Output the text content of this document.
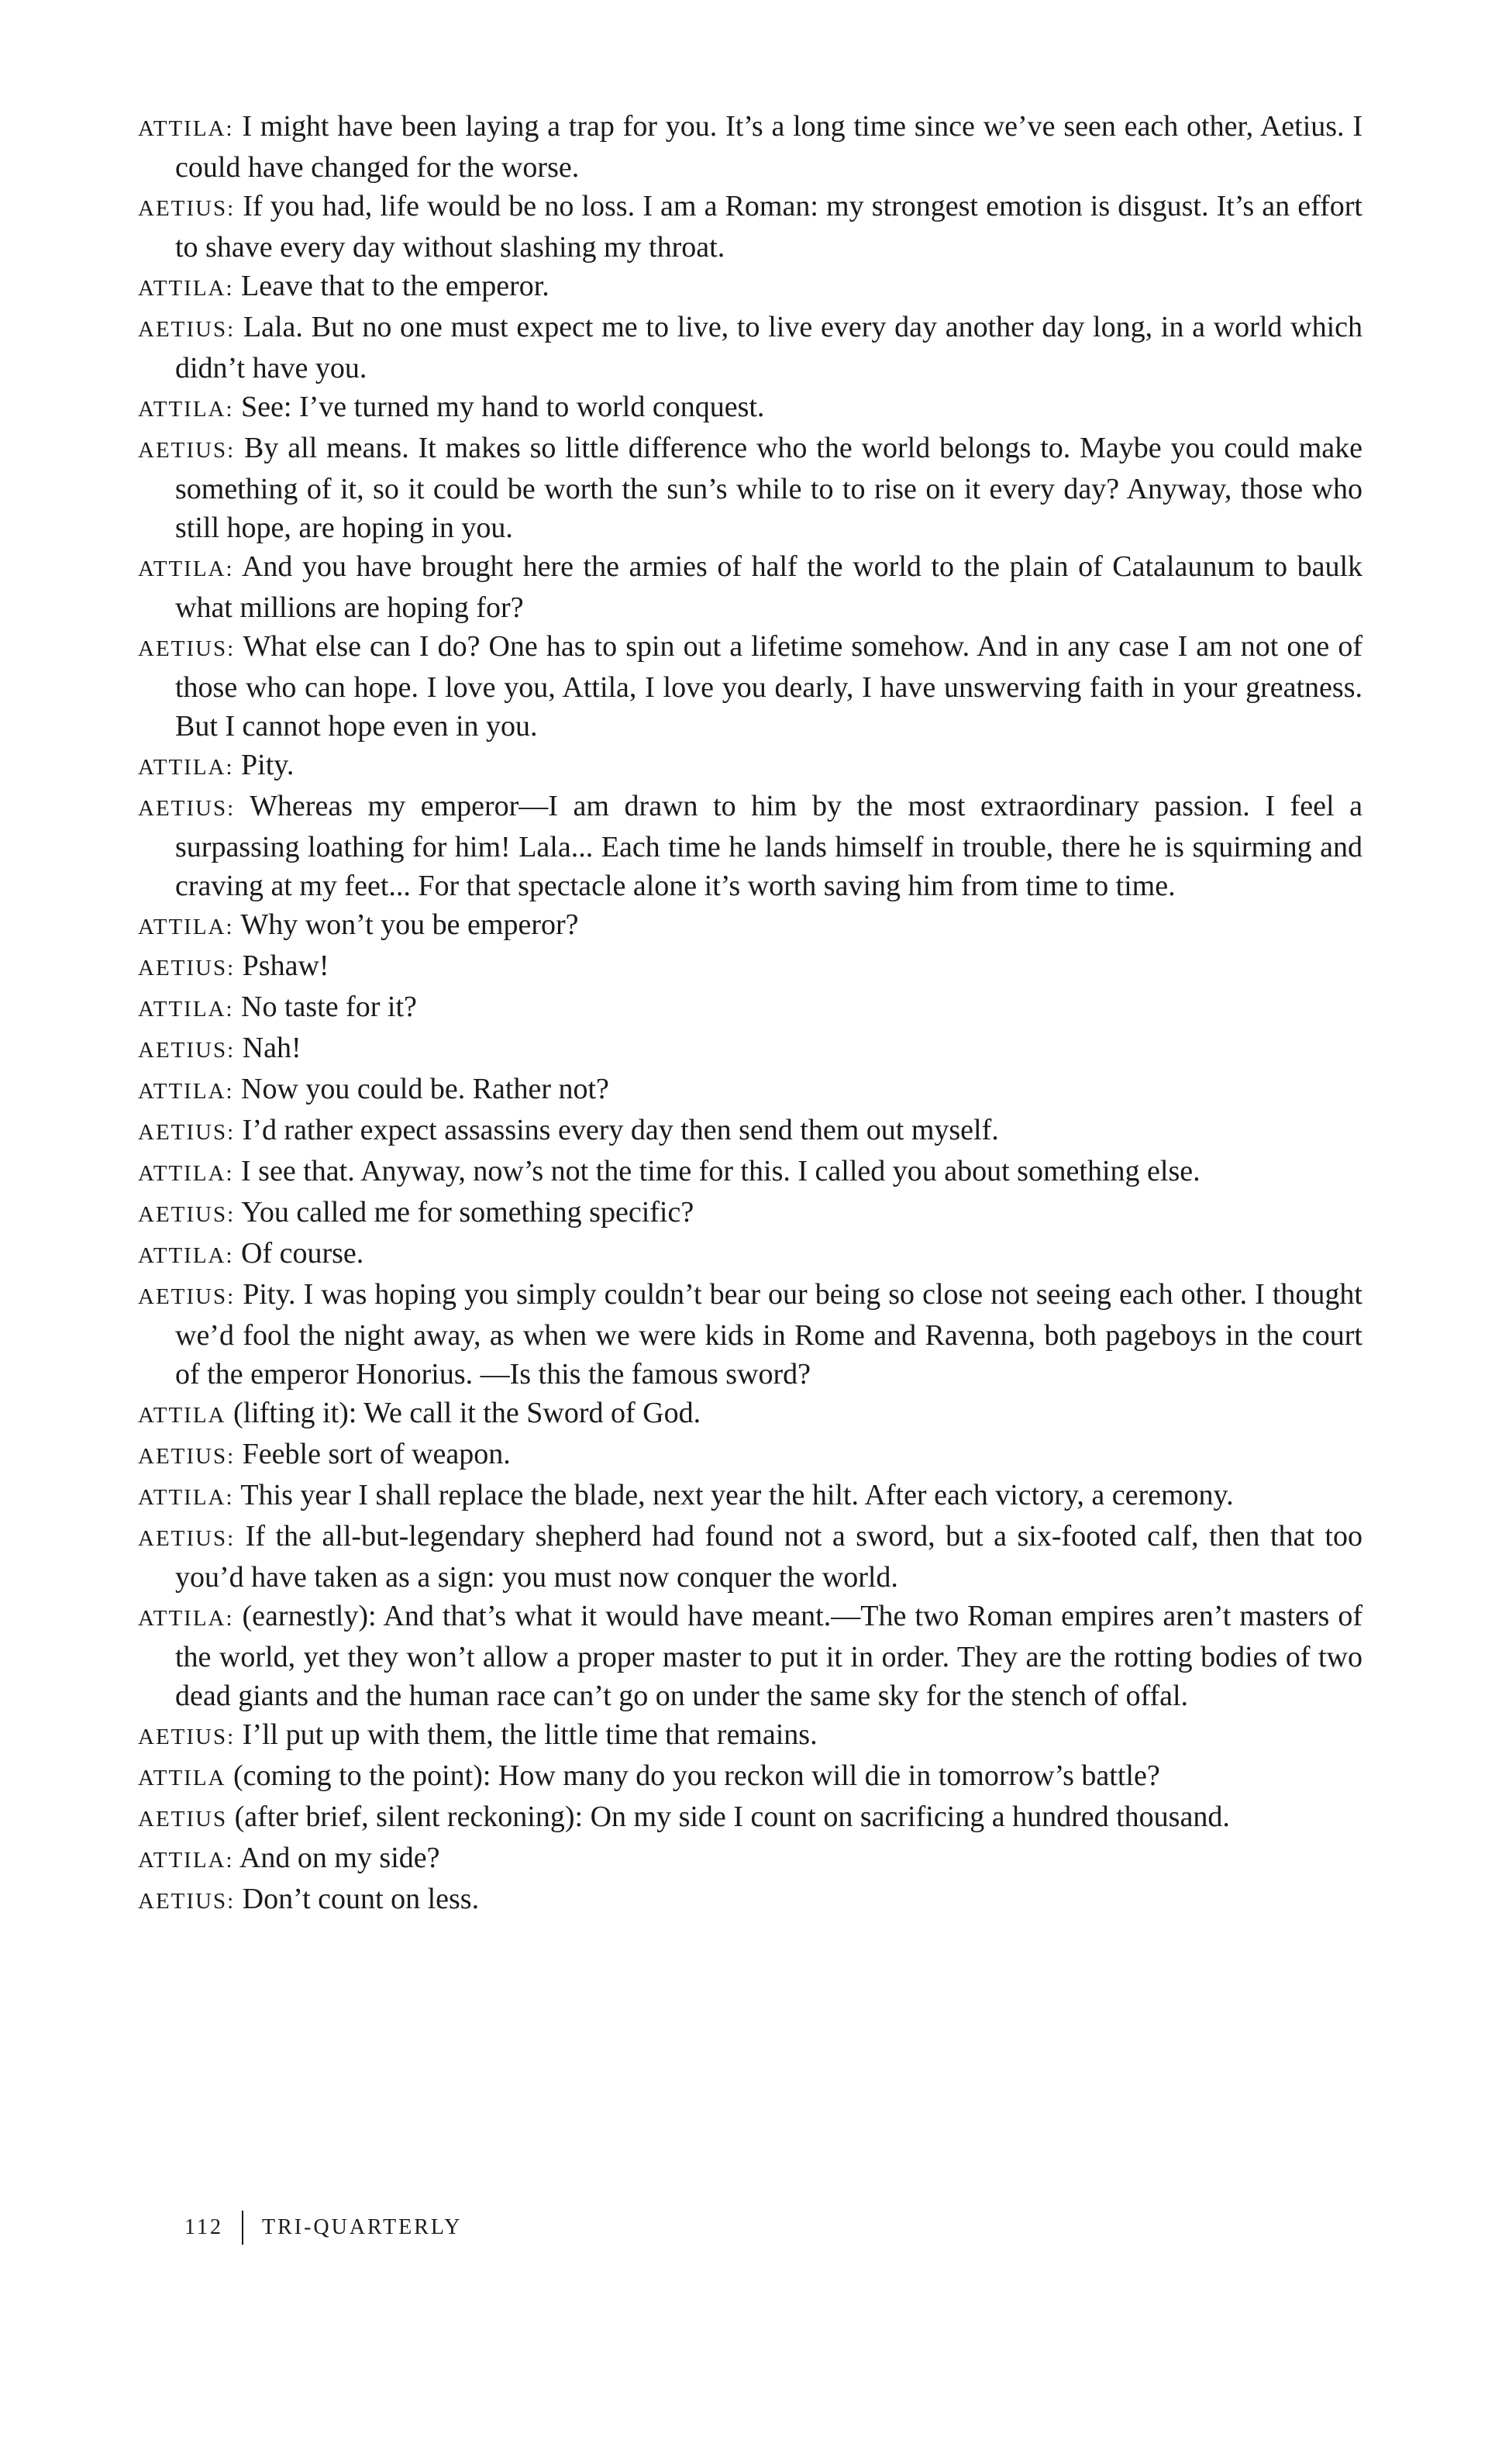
ATTILA: I might have been laying a trap for you. It’s a long time since we’ve seen each other, Aetius. I could have changed for the worse.

AETIUS: If you had, life would be no loss. I am a Roman: my strongest emotion is disgust. It’s an effort to shave every day without slashing my throat.

ATTILA: Leave that to the emperor.

AETIUS: Lala. But no one must expect me to live, to live every day another day long, in a world which didn’t have you.

ATTILA: See: I’ve turned my hand to world conquest.

AETIUS: By all means. It makes so little difference who the world belongs to. Maybe you could make something of it, so it could be worth the sun’s while to to rise on it every day? Anyway, those who still hope, are hoping in you.

ATTILA: And you have brought here the armies of half the world to the plain of Catalaunum to baulk what millions are hoping for?

AETIUS: What else can I do? One has to spin out a lifetime somehow. And in any case I am not one of those who can hope. I love you, Attila, I love you dearly, I have unswerving faith in your greatness. But I cannot hope even in you.

ATTILA: Pity.

AETIUS: Whereas my emperor—I am drawn to him by the most extraordinary passion. I feel a surpassing loathing for him! Lala... Each time he lands himself in trouble, there he is squirming and craving at my feet... For that spectacle alone it’s worth saving him from time to time.

ATTILA: Why won’t you be emperor?

AETIUS: Pshaw!

ATTILA: No taste for it?

AETIUS: Nah!

ATTILA: Now you could be. Rather not?

AETIUS: I’d rather expect assassins every day then send them out myself.

ATTILA: I see that. Anyway, now’s not the time for this. I called you about something else.

AETIUS: You called me for something specific?

ATTILA: Of course.

AETIUS: Pity. I was hoping you simply couldn’t bear our being so close not seeing each other. I thought we’d fool the night away, as when we were kids in Rome and Ravenna, both pageboys in the court of the emperor Honorius. —Is this the famous sword?

ATTILA (lifting it): We call it the Sword of God.

AETIUS: Feeble sort of weapon.

ATTILA: This year I shall replace the blade, next year the hilt. After each victory, a ceremony.

AETIUS: If the all-but-legendary shepherd had found not a sword, but a six-footed calf, then that too you’d have taken as a sign: you must now conquer the world.

ATTILA: (earnestly): And that’s what it would have meant.—The two Roman empires aren’t masters of the world, yet they won’t allow a proper master to put it in order. They are the rotting bodies of two dead giants and the human race can’t go on under the same sky for the stench of offal.

AETIUS: I’ll put up with them, the little time that remains.

ATTILA (coming to the point): How many do you reckon will die in tomorrow’s battle?

AETIUS (after brief, silent reckoning): On my side I count on sacrificing a hundred thousand.

ATTILA: And on my side?

AETIUS: Don’t count on less.

112 TRI-QUARTERLY
